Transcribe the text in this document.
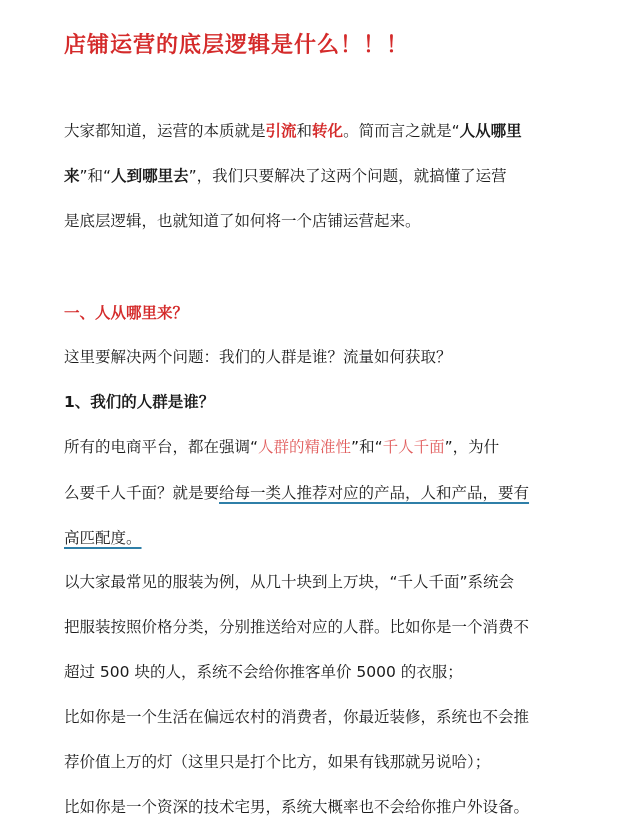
店铺运营的底层逻辑是什么！！！
大家都知道，运营的本质就是引流和转化。简而言之就是“人从哪里
来”和“人到哪里去”，我们只要解决了这两个问题，就搞懂了运营
是底层逻辑，也就知道了如何将一个店铺运营起来。
一、人从哪里来？
这里要解决两个问题：我们的人群是谁？流量如何获取？
1、我们的人群是谁？
所有的电商平台，都在强调“人群的精准性”和“千人千面”，为什
么要千人千面？就是要给每一类人推荐对应的产品，人和产品，要有
高匹配度。
以大家最常见的服装为例，从几十块到上万块，“千人千面”系统会
把服装按照价格分类，分别推送给对应的人群。比如你是一个消费不
超过 500 块的人，系统不会给你推客单价 5000 的衣服；
比如你是一个生活在偏远农村的消费者，你最近装修，系统也不会推
荐价值上万的灯（这里只是打个比方，如果有钱那就另说哈）；
比如你是一个资深的技术宅男，系统大概率也不会给你推户外设备。
